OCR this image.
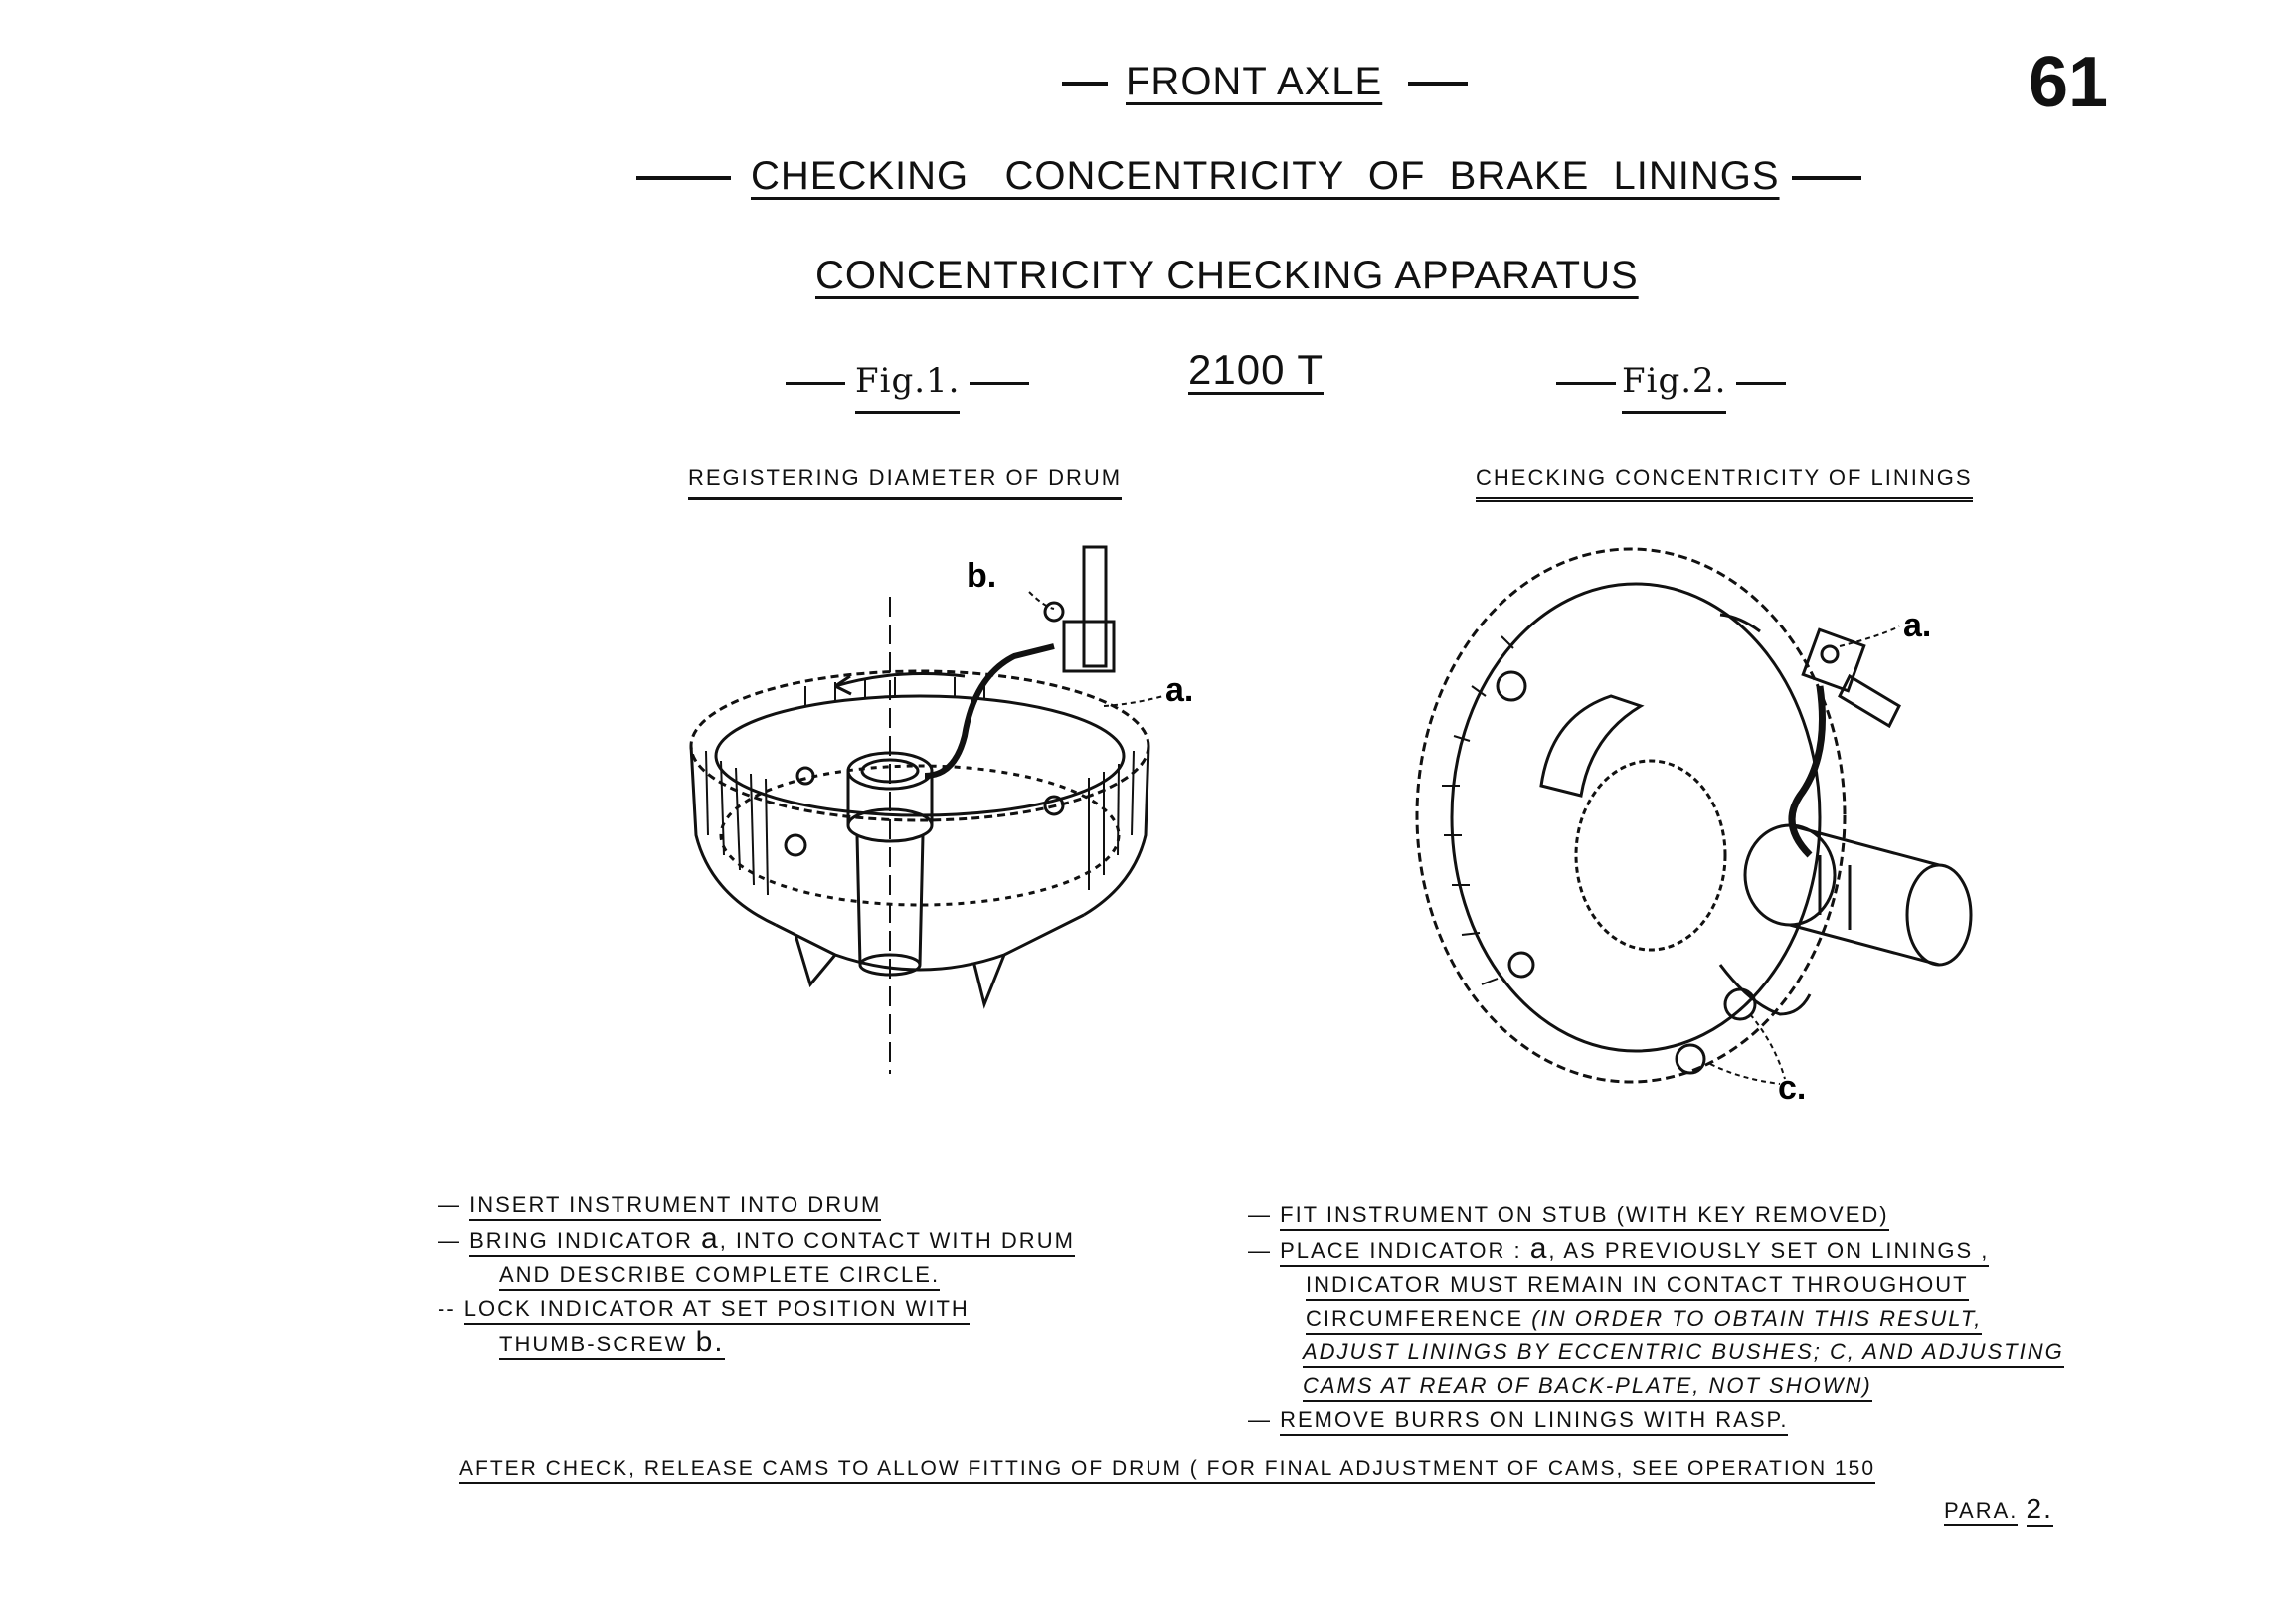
61
FRONT AXLE
CHECKING   CONCENTRICITY  OF  BRAKE  LININGS
CONCENTRICITY CHECKING APPARATUS
Fig.1.	2100 T	Fig.2.
REGISTERING DIAMETER OF DRUM	CHECKING CONCENTRICITY OF LININGS
b.
a.
a.
c.
— INSERT INSTRUMENT INTO DRUM
— BRING INDICATOR a, INTO CONTACT WITH DRUM
AND DESCRIBE COMPLETE CIRCLE.
-- LOCK INDICATOR AT SET POSITION WITH
THUMB-SCREW b.
— FIT INSTRUMENT ON STUB (WITH KEY REMOVED)
— PLACE INDICATOR : a, AS PREVIOUSLY SET ON LININGS ,
INDICATOR MUST REMAIN IN CONTACT THROUGHOUT
CIRCUMFERENCE (IN ORDER TO OBTAIN THIS RESULT,
ADJUST LININGS BY ECCENTRIC BUSHES; C, AND ADJUSTING
CAMS AT REAR OF BACK-PLATE, NOT SHOWN)
— REMOVE BURRS ON LININGS WITH RASP.
AFTER CHECK, RELEASE CAMS TO ALLOW FITTING OF DRUM ( FOR FINAL ADJUSTMENT OF CAMS, SEE OPERATION 150
PARA. 2.
